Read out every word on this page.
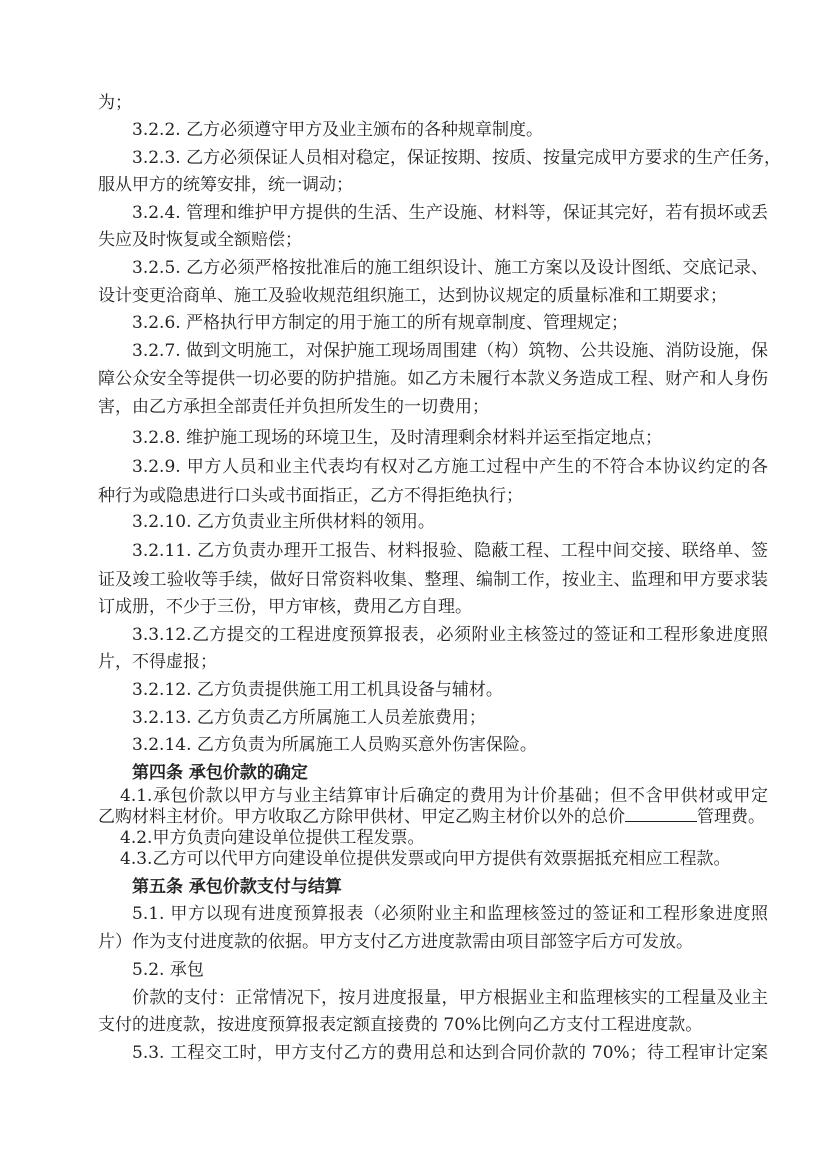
为；
3.2.2. 乙方必须遵守甲方及业主颁布的各种规章制度。
3.2.3. 乙方必须保证人员相对稳定，保证按期、按质、按量完成甲方要求的生产任务，
服从甲方的统筹安排，统一调动；
3.2.4. 管理和维护甲方提供的生活、生产设施、材料等，保证其完好，若有损坏或丢
失应及时恢复或全额赔偿；
3.2.5. 乙方必须严格按批准后的施工组织设计、施工方案以及设计图纸、交底记录、
设计变更洽商单、施工及验收规范组织施工，达到协议规定的质量标准和工期要求；
3.2.6. 严格执行甲方制定的用于施工的所有规章制度、管理规定；
3.2.7. 做到文明施工，对保护施工现场周围建（构）筑物、公共设施、消防设施，保
障公众安全等提供一切必要的防护措施。如乙方未履行本款义务造成工程、财产和人身伤
害，由乙方承担全部责任并负担所发生的一切费用；
3.2.8. 维护施工现场的环境卫生，及时清理剩余材料并运至指定地点；
3.2.9. 甲方人员和业主代表均有权对乙方施工过程中产生的不符合本协议约定的各
种行为或隐患进行口头或书面指正，乙方不得拒绝执行；
3.2.10. 乙方负责业主所供材料的领用。
3.2.11. 乙方负责办理开工报告、材料报验、隐蔽工程、工程中间交接、联络单、签
证及竣工验收等手续，做好日常资料收集、整理、编制工作，按业主、监理和甲方要求装
订成册，不少于三份，甲方审核，费用乙方自理。
3.3.12.乙方提交的工程进度预算报表，必须附业主核签过的签证和工程形象进度照
片，不得虚报；
3.2.12. 乙方负责提供施工用工机具设备与辅材。
3.2.13. 乙方负责乙方所属施工人员差旅费用；
3.2.14. 乙方负责为所属施工人员购买意外伤害保险。
第四条 承包价款的确定
4.1.承包价款以甲方与业主结算审计后确定的费用为计价基础；但不含甲供材或甲定
乙购材料主材价。甲方收取乙方除甲供材、甲定乙购主材价以外的总价	管理费。
4.2.甲方负责向建设单位提供工程发票。
4.3.乙方可以代甲方向建设单位提供发票或向甲方提供有效票据抵充相应工程款。
第五条 承包价款支付与结算
5.1. 甲方以现有进度预算报表（必须附业主和监理核签过的签证和工程形象进度照
片）作为支付进度款的依据。甲方支付乙方进度款需由项目部签字后方可发放。
5.2. 承包
价款的支付：正常情况下，按月进度报量，甲方根据业主和监理核实的工程量及业主
支付的进度款，按进度预算报表定额直接费的 70%比例向乙方支付工程进度款。
5.3. 工程交工时，甲方支付乙方的费用总和达到合同价款的 70%；待工程审计定案
